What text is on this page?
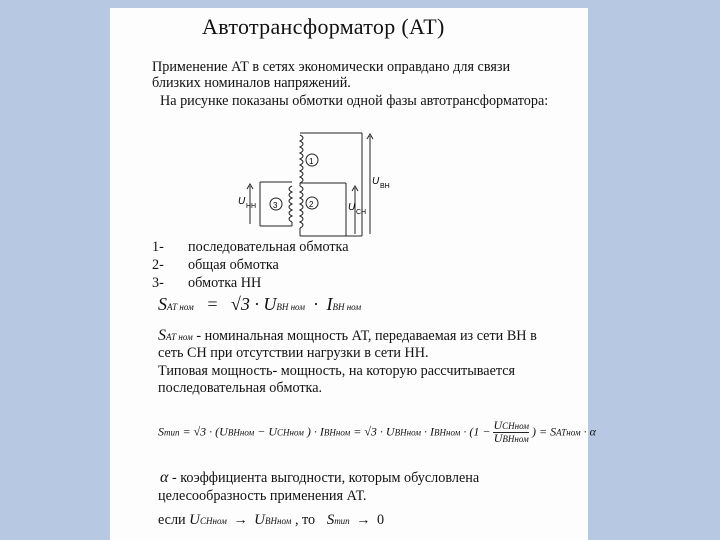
Автотрансформатор (АТ)
Применение АТ в сетях экономически оправдано для связи
близких номиналов напряжений.
На рисунке показаны обмотки одной фазы автотрансформатора:
1
2
3
U ВН
U СН
U НН
1- последовательная обмотка
2- общая обмотка
3- обмотка НН
SАТ ном = √3 · UВН ном · IВН ном
SАТ ном - номинальная мощность АТ, передаваемая из сети ВН в
сеть СН при отсутствии нагрузки в сети НН.
Типовая мощность- мощность, на которую рассчитывается
последовательная обмотка.
Sтип = √3 · (UВНном − UСНном ) · IВНном = √3 · UВНном · IВНном · (1 − UСНном
UВНном
) = SАТном · α
α - коэффициента выгодности, которым обусловлена
целесообразность применения АТ.
если UСНном → UВНном , то Sтип → 0
